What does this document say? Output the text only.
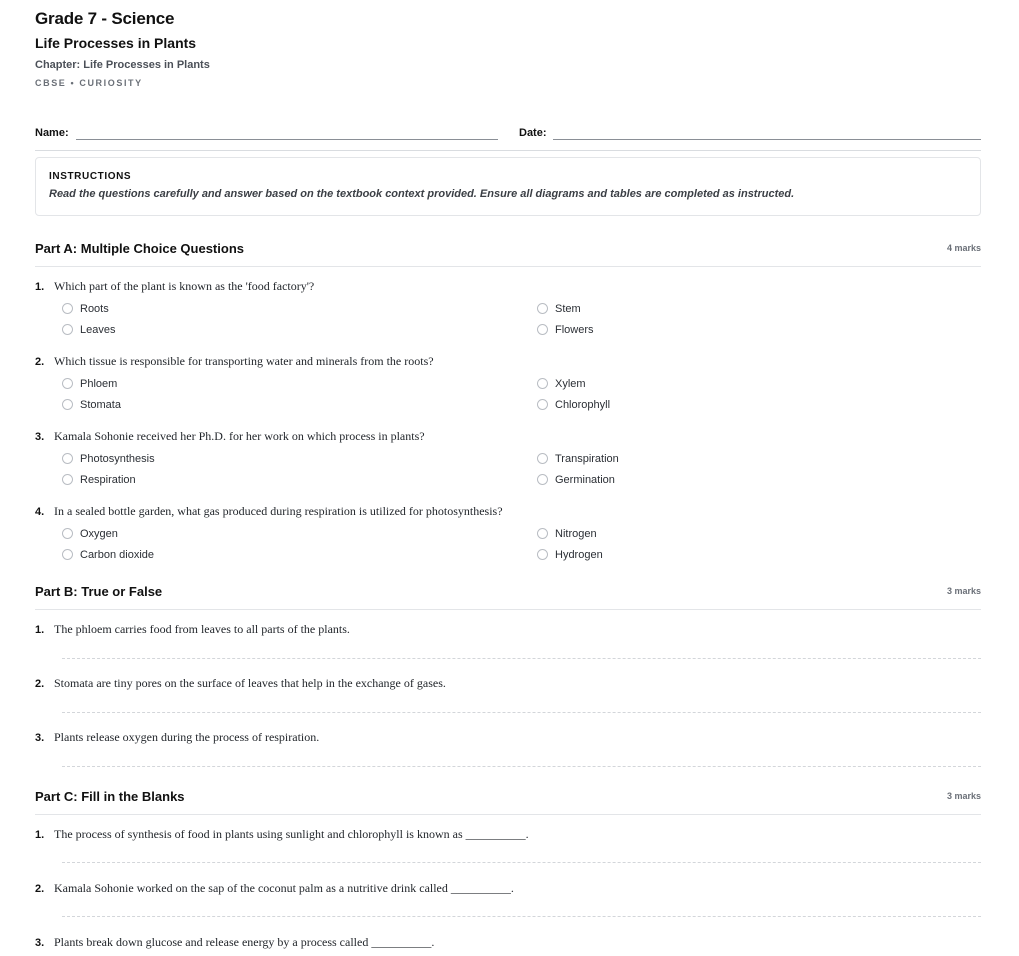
Grade 7 - Science
Life Processes in Plants
Chapter: Life Processes in Plants
CBSE • CURIOSITY
Name:	Date:
INSTRUCTIONS
Read the questions carefully and answer based on the textbook context provided. Ensure all diagrams and tables are completed as instructed.
Part A: Multiple Choice Questions	4 marks
1. Which part of the plant is known as the 'food factory'?
Roots	Stem
Leaves	Flowers
2. Which tissue is responsible for transporting water and minerals from the roots?
Phloem	Xylem
Stomata	Chlorophyll
3. Kamala Sohonie received her Ph.D. for her work on which process in plants?
Photosynthesis	Transpiration
Respiration	Germination
4. In a sealed bottle garden, what gas produced during respiration is utilized for photosynthesis?
Oxygen	Nitrogen
Carbon dioxide	Hydrogen
Part B: True or False	3 marks
1. The phloem carries food from leaves to all parts of the plants.
2. Stomata are tiny pores on the surface of leaves that help in the exchange of gases.
3. Plants release oxygen during the process of respiration.
Part C: Fill in the Blanks	3 marks
1. The process of synthesis of food in plants using sunlight and chlorophyll is known as __________.
2. Kamala Sohonie worked on the sap of the coconut palm as a nutritive drink called __________.
3. Plants break down glucose and release energy by a process called __________.
